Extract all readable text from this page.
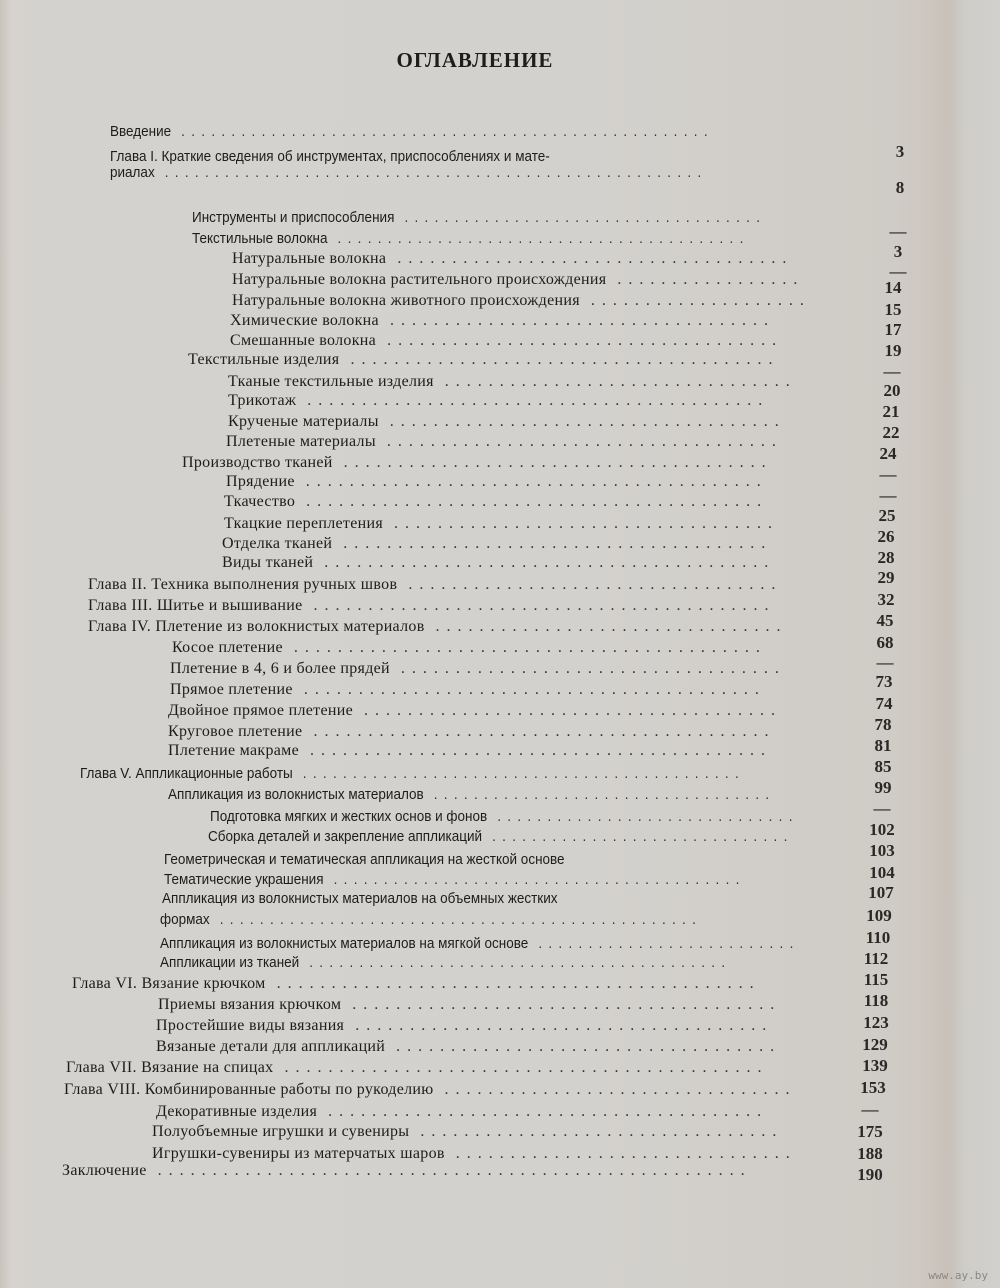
ОГЛАВЛЕНИЕ
Введение .....................................................
Глава I. Краткие сведения об инструментах, приспособлениях и мате-
риалах ......................................................
Инструменты и приспособления ....................................
Текстильные волокна .........................................
Натуральные волокна ....................................
Натуральные волокна растительного происхождения .................
Натуральные волокна животного происхождения ....................
Химические волокна ...................................
Смешанные волокна ....................................
Текстильные изделия .......................................
Тканые текстильные изделия ................................
Трикотаж ..........................................
Крученые материалы ....................................
Плетеные материалы ....................................
Производство тканей .......................................
Прядение ..........................................
Ткачество ..........................................
Ткацкие переплетения ...................................
Отделка тканей .......................................
Виды тканей .........................................
Глава II. Техника выполнения ручных швов ..................................
Глава III. Шитье и вышивание ..........................................
Глава IV. Плетение из волокнистых материалов ................................
Косое плетение ...........................................
Плетение в 4, 6 и более прядей ...................................
Прямое плетение ..........................................
Двойное прямое плетение ......................................
Круговое плетение ..........................................
Плетение макраме ..........................................
Глава V. Аппликационные работы ............................................
Аппликация из волокнистых материалов ..................................
Подготовка мягких и жестких основ и фонов ..............................
Сборка деталей и закрепление аппликаций ..............................
Геометрическая и тематическая аппликация на жесткой основе
Тематические украшения .........................................
Аппликация из волокнистых материалов на объемных жестких
формах ................................................
Аппликация из волокнистых материалов на мягкой основе ..........................
Аппликации из тканей ..........................................
Глава VI. Вязание крючком ............................................
Приемы вязания крючком .......................................
Простейшие виды вязания ......................................
Вязаные детали для аппликаций ...................................
Глава VII. Вязание на спицах ............................................
Глава VIII. Комбинированные работы по рукоделию ................................
Декоративные изделия ........................................
Полуобъемные игрушки и сувениры .................................
Игрушки-сувениры из матерчатых шаров ...............................
Заключение ......................................................
3
8
—
3
—
14
15
17
19
—
20
21
22
24
—
—
25
26
28
29
32
45
68
—
73
74
78
81
85
99
—
102
103
104
107
109
110
112
115
118
123
129
139
153
—
175
188
190
www.ay.by
